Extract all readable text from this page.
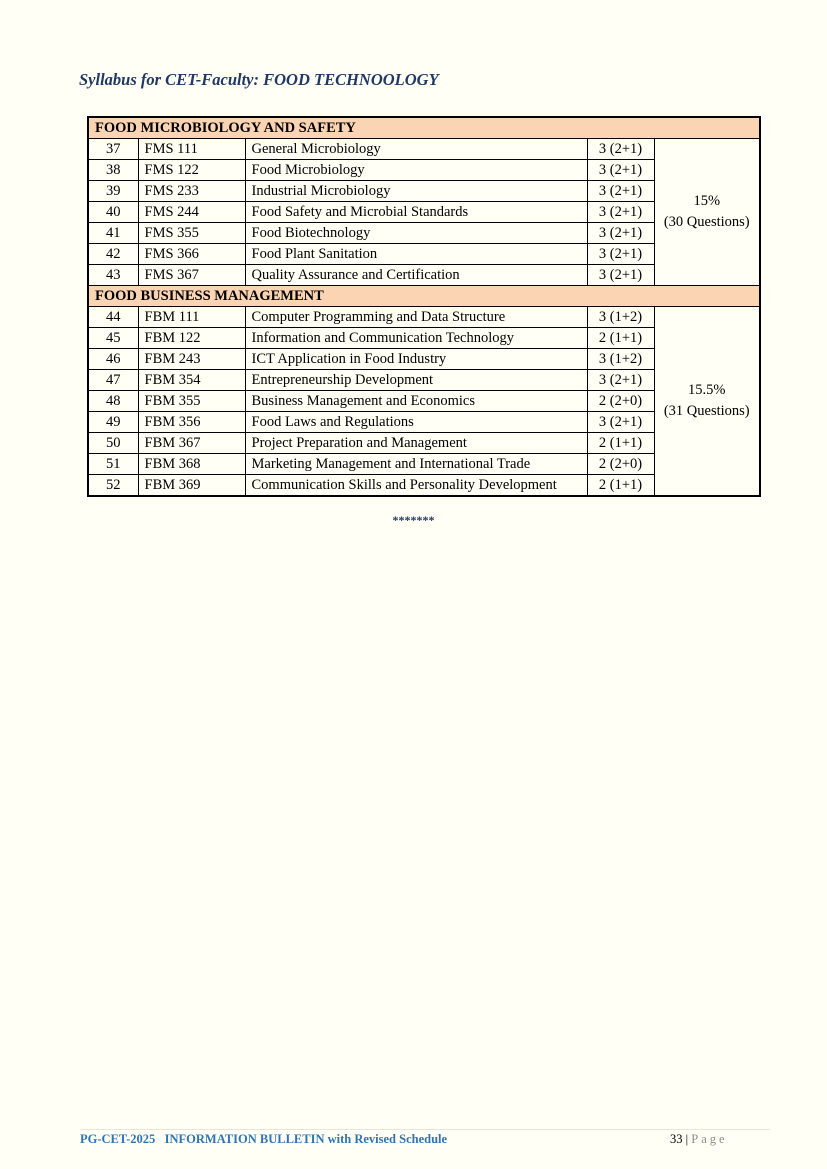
Syllabus for CET-Faculty: FOOD TECHNOOLOGY
FOOD MICROBIOLOGY AND SAFETY				
37	FMS 111	General Microbiology	3 (2+1)	15%
(30 Questions)
38	FMS 122	Food Microbiology	3 (2+1)	
39	FMS 233	Industrial Microbiology	3 (2+1)	
40	FMS 244	Food Safety and Microbial Standards	3 (2+1)	
41	FMS 355	Food Biotechnology	3 (2+1)	
42	FMS 366	Food Plant Sanitation	3 (2+1)	
43	FMS 367	Quality Assurance and Certification	3 (2+1)	
FOOD BUSINESS MANAGEMENT				
44	FBM 111	Computer Programming and Data Structure	3 (1+2)	15.5%
(31 Questions)
45	FBM 122	Information and Communication Technology	2 (1+1)	
46	FBM 243	ICT Application in Food Industry	3 (1+2)	
47	FBM 354	Entrepreneurship Development	3 (2+1)	
48	FBM 355	Business Management and Economics	2 (2+0)	
49	FBM 356	Food Laws and Regulations	3 (2+1)	
50	FBM 367	Project Preparation and Management	2 (1+1)	
51	FBM 368	Marketing Management and International Trade	2 (2+0)	
52	FBM 369	Communication Skills and Personality Development	2 (1+1)	
*******
PG-CET-2025   INFORMATION BULLETIN with Revised Schedule	33 | Page
